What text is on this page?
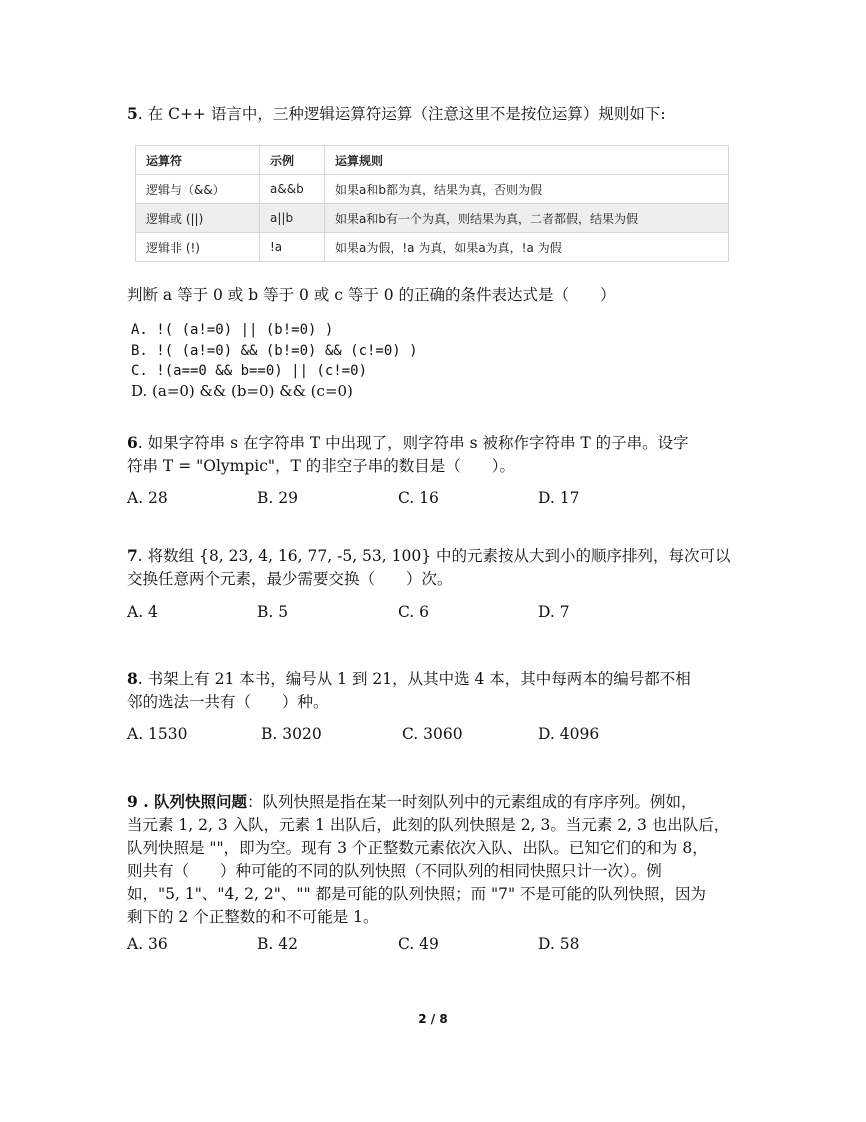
5. 在 C++ 语言中，三种逻辑运算符运算（注意这里不是按位运算）规则如下:
运算符	示例	运算规则
逻辑与（&&）	a&&b	如果a和b都为真，结果为真，否则为假
逻辑或 (||)	a||b	如果a和b有一个为真，则结果为真，二者都假，结果为假
逻辑非 (!)	!a	如果a为假，!a 为真，如果a为真，!a 为假
判断 a 等于 0 或 b 等于 0 或 c 等于 0 的正确的条件表达式是（　　）
A. !( (a!=0) || (b!=0) )
B. !( (a!=0) && (b!=0) && (c!=0) )
C. !(a==0 && b==0) || (c!=0)
D. (a=0) && (b=0) && (c=0)
6. 如果字符串 s 在字符串 T 中出现了，则字符串 s 被称作字符串 T 的子串。设字
符串 T = "Olympic"，T 的非空子串的数目是（　　）。
A. 28	B. 29	C. 16	D. 17
7. 将数组 {8, 23, 4, 16, 77, -5, 53, 100} 中的元素按从大到小的顺序排列，每次可以
交换任意两个元素，最少需要交换（　　）次。
A. 4	B. 5	C. 6	D. 7
8. 书架上有 21 本书，编号从 1 到 21，从其中选 4 本，其中每两本的编号都不相
邻的选法一共有（　　）种。
A. 1530	B. 3020	C. 3060	D. 4096
9 . 队列快照问题：队列快照是指在某一时刻队列中的元素组成的有序序列。例如，
当元素 1, 2, 3 入队，元素 1 出队后，此刻的队列快照是 2, 3。当元素 2, 3 也出队后，
队列快照是 ""，即为空。现有 3 个正整数元素依次入队、出队。已知它们的和为 8，
则共有（　　）种可能的不同的队列快照（不同队列的相同快照只计一次）。例
如，"5, 1"、"4, 2, 2"、"" 都是可能的队列快照；而 "7" 不是可能的队列快照，因为
剩下的 2 个正整数的和不可能是 1。
A. 36	B. 42	C. 49	D. 58
2 / 8
